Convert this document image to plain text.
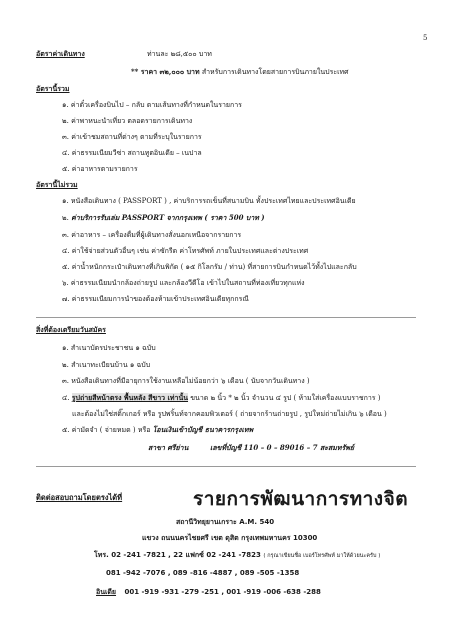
5
อัตราค่าเดินทาง	ท่านละ ๒๘,๕๐๐ บาท
** ราคา ๓๒,๐๐๐ บาท สำหรับการเดินทางโดยสายการบินภายในประเทศ
อัตรานี้รวม
๑. ค่าตั๋วเครื่องบินไป – กลับ ตามเส้นทางที่กำหนดในรายการ
๒. ค่าพาหนะนำเที่ยว ตลอดรายการเดินทาง
๓. ค่าเข้าชมสถานที่ต่างๆ ตามที่ระบุในรายการ
๔. ค่าธรรมเนียมวีซ่า สถานทูตอินเดีย – เนปาล
๕. ค่าอาหารตามรายการ
อัตรานี้ไม่รวม
๑. หนังสือเดินทาง ( PASSPORT ) , ค่าบริการรถเข็นที่สนามบิน ทั้งประเทศไทยและประเทศอินเดีย
๒. ค่าบริการรับเล่ม PASSPORT จากกรุงเทพ ( ราคา 500 บาท )
๓. ค่าอาหาร – เครื่องดื่มที่ผู้เดินทางสั่งนอกเหนือจากรายการ
๔. ค่าใช้จ่ายส่วนตัวอื่นๆ เช่น ค่าซักรีด ค่าโทรศัพท์ ภายในประเทศและต่างประเทศ
๕. ค่าน้ำหนักกระเป๋าเดินทางที่เกินพิกัด ( ๑๕ กิโลกรัม / ท่าน) ที่สายการบินกำหนดไว้ทั้งไปและกลับ
๖. ค่าธรรมเนียมนำกล้องถ่ายรูป และกล้องวีดีโอ เข้าไปในสถานที่ท่องเที่ยวทุกแห่ง
๗. ค่าธรรมเนียมการนำของต้องห้ามเข้าประเทศอินเดียทุกกรณี
สิ่งที่ต้องเตรียมวันสมัคร
๑. สำเนาบัตรประชาชน ๑ ฉบับ
๒. สำเนาทะเบียนบ้าน ๑ ฉบับ
๓. หนังสือเดินทางที่มีอายุการใช้งานเหลือไม่น้อยกว่า ๖ เดือน ( นับจากวันเดินทาง )
๔. รูปถ่ายสีหน้าตรง พื้นหลัง สีขาว เท่านั้น ขนาด ๒ นิ้ว * ๒ นิ้ว จำนวน ๔ รูป ( ห้ามใส่เครื่องแบบราชการ )
และต้องไม่ใช่สติ๊กเกอร์ หรือ รูปพริ้นท์จากคอมพิวเตอร์ ( ถ่ายจากร้านถ่ายรูป , รูปใหม่ถ่ายไม่เกิน ๖ เดือน )
๕. ค่ามัดจำ ( จ่ายหมด ) หรือ โอนเงินเข้าบัญชี ธนาคารกรุงเทพ
สาขา ศรีย่าน	เลขที่บัญชี 110 – 0 – 89016 – 7 สะสมทรัพย์
ติดต่อสอบถามโดยตรงได้ที่	รายการพัฒนาการทางจิต
สถานีวิทยุยานเกราะ A.M. 540
แขวง ถนนนครไชยศรี เขต ดุสิต กรุงเทพมหานคร 10300
โทร. 02 -241 -7821 , 22 แฟกซ์ 02 -241 -7823 ( กรุณาเขียนชื่อ เบอร์โทรศัพท์ มาให้ด้วยนะครับ )
081 -942 -7076 , 089 -816 -4887 , 089 -505 -1358
อินเดีย 001 -919 -931 -279 -251 , 001 -919 -006 -638 -288
